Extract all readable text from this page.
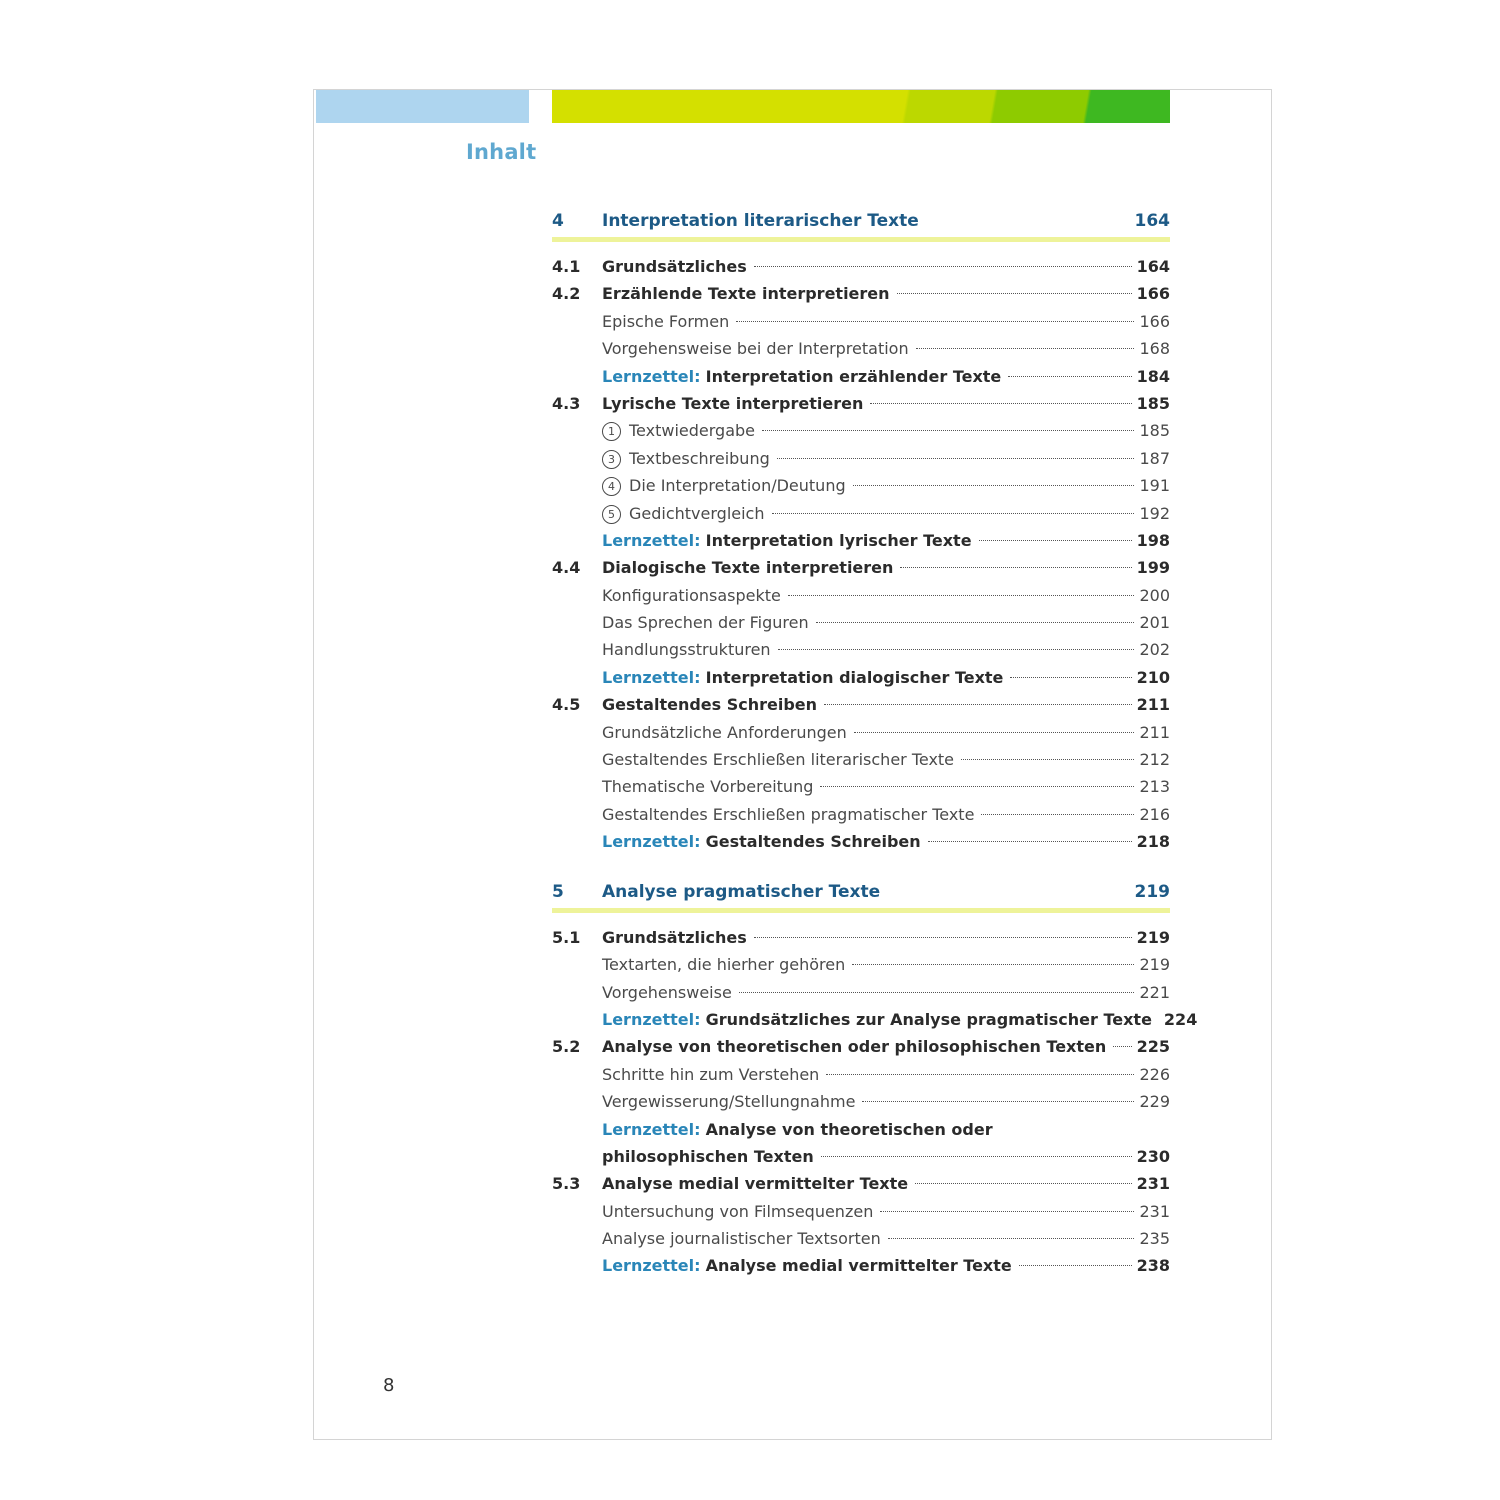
Inhalt
4 Interpretation literarischer Texte	164
4.1	Grundsätzliches	164
4.2	Erzählende Texte interpretieren	166
Epische Formen	166
Vorgehensweise bei der Interpretation	168
Lernzettel: Interpretation erzählender Texte	184
4.3	Lyrische Texte interpretieren	185
1 Textwiedergabe	185
3 Textbeschreibung	187
4 Die Interpretation/Deutung	191
5 Gedichtvergleich	192
Lernzettel: Interpretation lyrischer Texte	198
4.4	Dialogische Texte interpretieren	199
Konfigurationsaspekte	200
Das Sprechen der Figuren	201
Handlungsstrukturen	202
Lernzettel: Interpretation dialogischer Texte	210
4.5	Gestaltendes Schreiben	211
Grundsätzliche Anforderungen	211
Gestaltendes Erschließen literarischer Texte	212
Thematische Vorbereitung	213
Gestaltendes Erschließen pragmatischer Texte	216
Lernzettel: Gestaltendes Schreiben	218
5 Analyse pragmatischer Texte	219
5.1	Grundsätzliches	219
Textarten, die hierher gehören	219
Vorgehensweise	221
Lernzettel: Grundsätzliches zur Analyse pragmatischer Texte 224
5.2	Analyse von theoretischen oder philosophischen Texten 225
Schritte hin zum Verstehen	226
Vergewisserung/Stellungnahme	229
Lernzettel: Analyse von theoretischen oder
philosophischen Texten	230
5.3	Analyse medial vermittelter Texte	231
Untersuchung von Filmsequenzen	231
Analyse journalistischer Textsorten	235
Lernzettel: Analyse medial vermittelter Texte	238
8
